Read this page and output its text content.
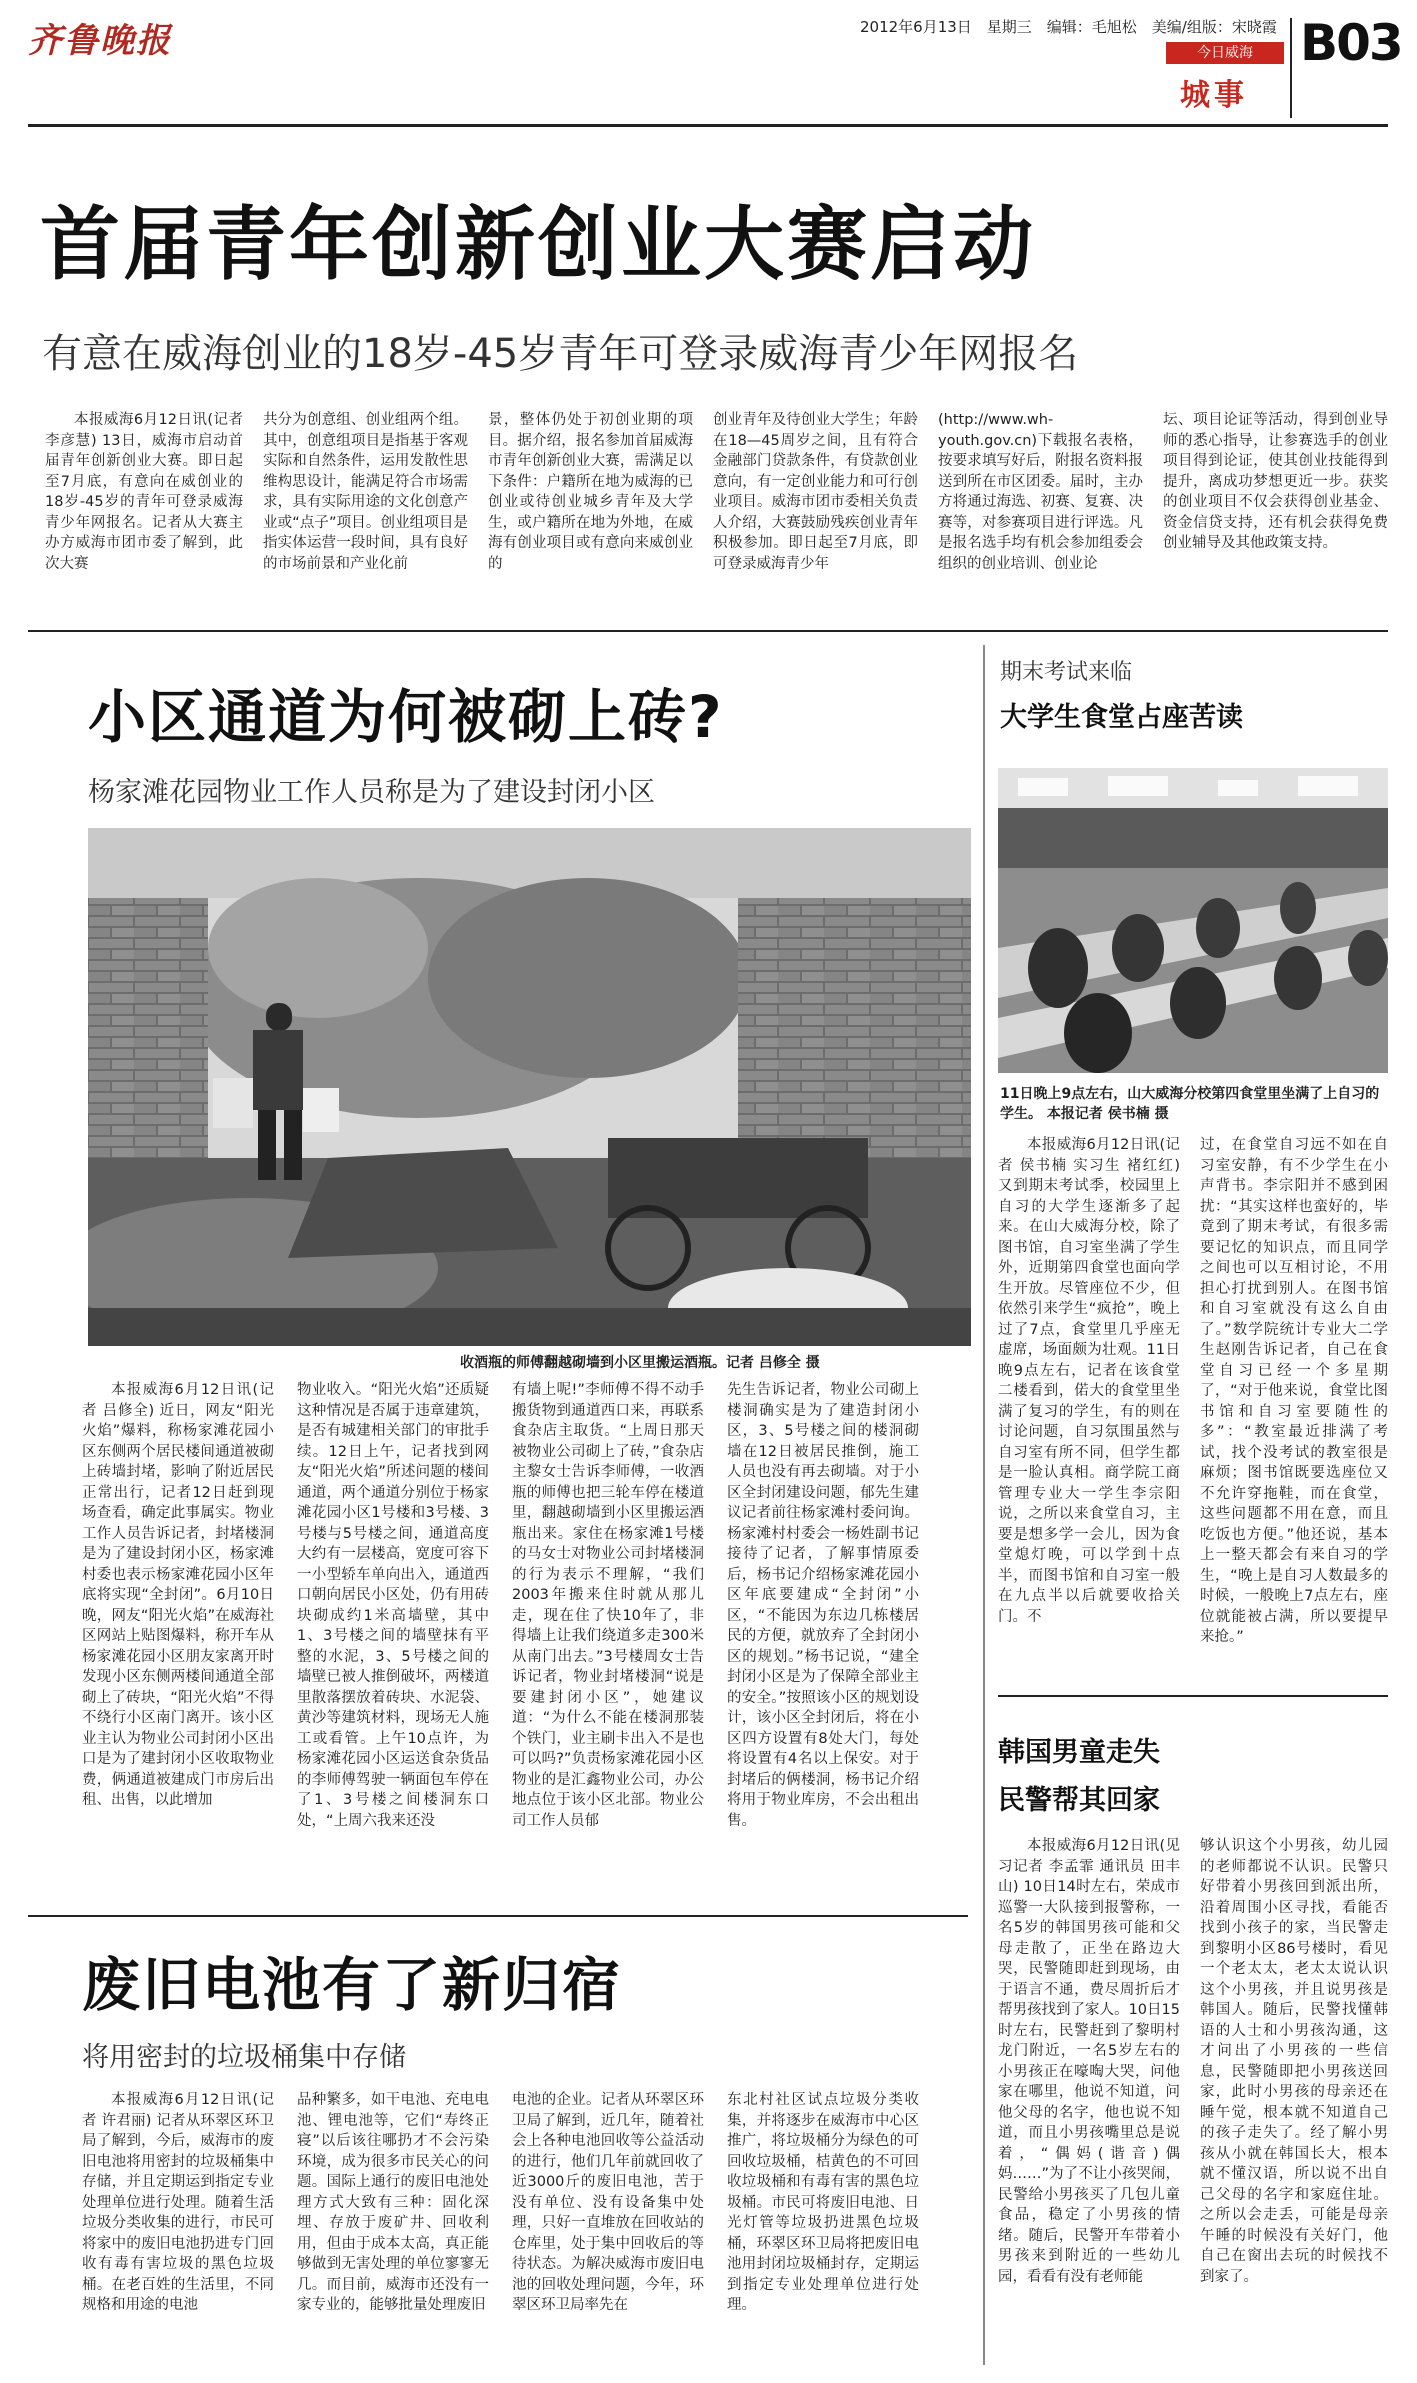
齐鲁晚报	2012年6月13日　星期三　编辑：毛旭松　美编/组版：宋晓霞
今日威海
城事
B03
首届青年创新创业大赛启动
有意在威海创业的18岁-45岁青年可登录威海青少年网报名

本报威海6月12日讯(记者 李彦慧) 13日，威海市启动首届青年创新创业大赛。即日起至7月底，有意向在威创业的18岁-45岁的青年可登录威海青少年网报名。记者从大赛主办方威海市团市委了解到，此次大赛

共分为创意组、创业组两个组。其中，创意组项目是指基于客观实际和自然条件，运用发散性思维构思设计，能满足符合市场需求，具有实际用途的文化创意产业或“点子”项目。创业组项目是指实体运营一段时间，具有良好的市场前景和产业化前

景，整体仍处于初创业期的项目。据介绍，报名参加首届威海市青年创新创业大赛，需满足以下条件：户籍所在地为威海的已创业或待创业城乡青年及大学生，或户籍所在地为外地，在威海有创业项目或有意向来威创业的

创业青年及待创业大学生；年龄在18—45周岁之间，且有符合金融部门贷款条件，有贷款创业意向，有一定创业能力和可行创业项目。威海市团市委相关负责人介绍，大赛鼓励残疾创业青年积极参加。即日起至7月底，即可登录威海青少年

(http://www.wh-youth.gov.cn)下载报名表格，按要求填写好后，附报名资料报送到所在市区团委。届时，主办方将通过海选、初赛、复赛、决赛等，对参赛项目进行评选。凡是报名选手均有机会参加组委会组织的创业培训、创业论

坛、项目论证等活动，得到创业导师的悉心指导，让参赛选手的创业项目得到论证，使其创业技能得到提升，离成功梦想更近一步。获奖的创业项目不仅会获得创业基金、资金信贷支持，还有机会获得免费创业辅导及其他政策支持。

小区通道为何被砌上砖?
杨家滩花园物业工作人员称是为了建设封闭小区
收酒瓶的师傅翻越砌墙到小区里搬运酒瓶。记者 吕修全 摄

本报威海6月12日讯(记者 吕修全) 近日，网友“阳光火焰”爆料，称杨家滩花园小区东侧两个居民楼间通道被砌上砖墙封堵，影响了附近居民正常出行，记者12日赶到现场查看，确定此事属实。物业工作人员告诉记者，封堵楼洞是为了建设封闭小区，杨家滩村委也表示杨家滩花园小区年底将实现“全封闭”。6月10日晚，网友“阳光火焰”在威海社区网站上贴图爆料，称开车从杨家滩花园小区朋友家离开时发现小区东侧两楼间通道全部砌上了砖块，“阳光火焰”不得不绕行小区南门离开。该小区业主认为物业公司封闭小区出口是为了建封闭小区收取物业费，俩通道被建成门市房后出租、出售，以此增加

物业收入。“阳光火焰”还质疑这种情况是否属于违章建筑，是否有城建相关部门的审批手续。12日上午，记者找到网友“阳光火焰”所述问题的楼间通道，两个通道分别位于杨家滩花园小区1号楼和3号楼、3号楼与5号楼之间，通道高度大约有一层楼高，宽度可容下一小型轿车单向出入，通道西口朝向居民小区处，仍有用砖块砌成约1米高墙壁，其中1、3号楼之间的墙壁抹有平整的水泥，3、5号楼之间的墙壁已被人推倒破坏，两楼道里散落摆放着砖块、水泥袋、黄沙等建筑材料，现场无人施工或看管。上午10点许，为杨家滩花园小区运送食杂货品的李师傅驾驶一辆面包车停在了1、3号楼之间楼洞东口处，“上周六我来还没

有墙上呢!”李师傅不得不动手搬货物到通道西口来，再联系食杂店主取货。“上周日那天被物业公司砌上了砖，”食杂店主黎女士告诉李师傅，一收酒瓶的师傅也把三轮车停在楼道里，翻越砌墙到小区里搬运酒瓶出来。家住在杨家滩1号楼的马女士对物业公司封堵楼洞的行为表示不理解，“我们2003年搬来住时就从那儿走，现在住了快10年了，非得墙上让我们绕道多走300米从南门出去。”3号楼周女士告诉记者，物业封堵楼洞“说是要建封闭小区”，她建议道：“为什么不能在楼洞那装个铁门，业主刷卡出入不是也可以吗?”负责杨家滩花园小区物业的是汇鑫物业公司，办公地点位于该小区北部。物业公司工作人员郁

先生告诉记者，物业公司砌上楼洞确实是为了建造封闭小区，3、5号楼之间的楼洞砌墙在12日被居民推倒，施工人员也没有再去砌墙。对于小区全封闭建设问题，郁先生建议记者前往杨家滩村委问询。杨家滩村村委会一杨姓副书记接待了记者，了解事情原委后，杨书记介绍杨家滩花园小区年底要建成“全封闭”小区，“不能因为东边几栋楼居民的方便，就放弃了全封闭小区的规划。”杨书记说，“建全封闭小区是为了保障全部业主的安全。”按照该小区的规划设计，该小区全封闭后，将在小区四方设置有8处大门，每处将设置有4名以上保安。对于封堵后的俩楼洞，杨书记介绍将用于物业库房，不会出租出售。

废旧电池有了新归宿
将用密封的垃圾桶集中存储

本报威海6月12日讯(记者 许君丽) 记者从环翠区环卫局了解到，今后，威海市的废旧电池将用密封的垃圾桶集中存储，并且定期运到指定专业处理单位进行处理。随着生活垃圾分类收集的进行，市民可将家中的废旧电池扔进专门回收有毒有害垃圾的黑色垃圾桶。在老百姓的生活里，不同规格和用途的电池

品种繁多，如干电池、充电电池、锂电池等，它们“寿终正寝”以后该往哪扔才不会污染环境，成为很多市民关心的问题。国际上通行的废旧电池处理方式大致有三种：固化深埋、存放于废矿井、回收利用，但由于成本太高，真正能够做到无害处理的单位寥寥无几。而目前，威海市还没有一家专业的，能够批量处理废旧

电池的企业。记者从环翠区环卫局了解到，近几年，随着社会上各种电池回收等公益活动的进行，他们几年前就回收了近3000斤的废旧电池，苦于没有单位、没有设备集中处理，只好一直堆放在回收站的仓库里，处于集中回收后的等待状态。为解决威海市废旧电池的回收处理问题，今年，环翠区环卫局率先在

东北村社区试点垃圾分类收集，并将逐步在威海市中心区推广，将垃圾桶分为绿色的可回收垃圾桶，桔黄色的不可回收垃圾桶和有毒有害的黑色垃圾桶。市民可将废旧电池、日光灯管等垃圾扔进黑色垃圾桶，环翠区环卫局将把废旧电池用封闭垃圾桶封存，定期运到指定专业处理单位进行处理。

期末考试来临
大学生食堂占座苦读
11日晚上9点左右，山大威海分校第四食堂里坐满了上自习的学生。 本报记者 侯书楠 摄

本报威海6月12日讯(记者 侯书楠 实习生 褚红红) 又到期末考试季，校园里上自习的大学生逐渐多了起来。在山大威海分校，除了图书馆，自习室坐满了学生外，近期第四食堂也面向学生开放。尽管座位不少，但依然引来学生“疯抢”，晚上过了7点，食堂里几乎座无虚席，场面颇为壮观。11日晚9点左右，记者在该食堂二楼看到，偌大的食堂里坐满了复习的学生，有的则在讨论问题，自习氛围虽然与自习室有所不同，但学生都是一脸认真相。商学院工商管理专业大一学生李宗阳说，之所以来食堂自习，主要是想多学一会儿，因为食堂熄灯晚，可以学到十点半，而图书馆和自习室一般在九点半以后就要收拾关门。不

过，在食堂自习远不如在自习室安静，有不少学生在小声背书。李宗阳并不感到困扰：“其实这样也蛮好的，毕竟到了期末考试，有很多需要记忆的知识点，而且同学之间也可以互相讨论，不用担心打扰到别人。在图书馆和自习室就没有这么自由了。”数学院统计专业大二学生赵刚告诉记者，自己在食堂自习已经一个多星期了，“对于他来说，食堂比图书馆和自习室要随性的多”：“教室最近排满了考试，找个没考试的教室很是麻烦；图书馆既要选座位又不允许穿拖鞋，而在食堂，这些问题都不用在意，而且吃饭也方便。”他还说，基本上一整天都会有来自习的学生，“晚上是自习人数最多的时候，一般晚上7点左右，座位就能被占满，所以要提早来抢。”

韩国男童走失
民警帮其回家

本报威海6月12日讯(见习记者 李孟霏 通讯员 田丰山) 10日14时左右，荣成市巡警一大队接到报警称，一名5岁的韩国男孩可能和父母走散了，正坐在路边大哭，民警随即赶到现场，由于语言不通，费尽周折后才帮男孩找到了家人。10日15时左右，民警赶到了黎明村龙门附近，一名5岁左右的小男孩正在嚎啕大哭，问他家在哪里，他说不知道，问他父母的名字，他也说不知道，而且小男孩嘴里总是说着，“偶妈(谐音)偶妈……”为了不让小孩哭闹，民警给小男孩买了几包儿童食品，稳定了小男孩的情绪。随后，民警开车带着小男孩来到附近的一些幼儿园，看看有没有老师能

够认识这个小男孩，幼儿园的老师都说不认识。民警只好带着小男孩回到派出所，沿着周围小区寻找，看能否找到小孩子的家，当民警走到黎明小区86号楼时，看见一个老太太，老太太说认识这个小男孩，并且说男孩是韩国人。随后，民警找懂韩语的人士和小男孩沟通，这才问出了小男孩的一些信息，民警随即把小男孩送回家，此时小男孩的母亲还在睡午觉，根本就不知道自己的孩子走失了。经了解小男孩从小就在韩国长大，根本就不懂汉语，所以说不出自己父母的名字和家庭住址。之所以会走丢，可能是母亲午睡的时候没有关好门，他自己在窗出去玩的时候找不到家了。
